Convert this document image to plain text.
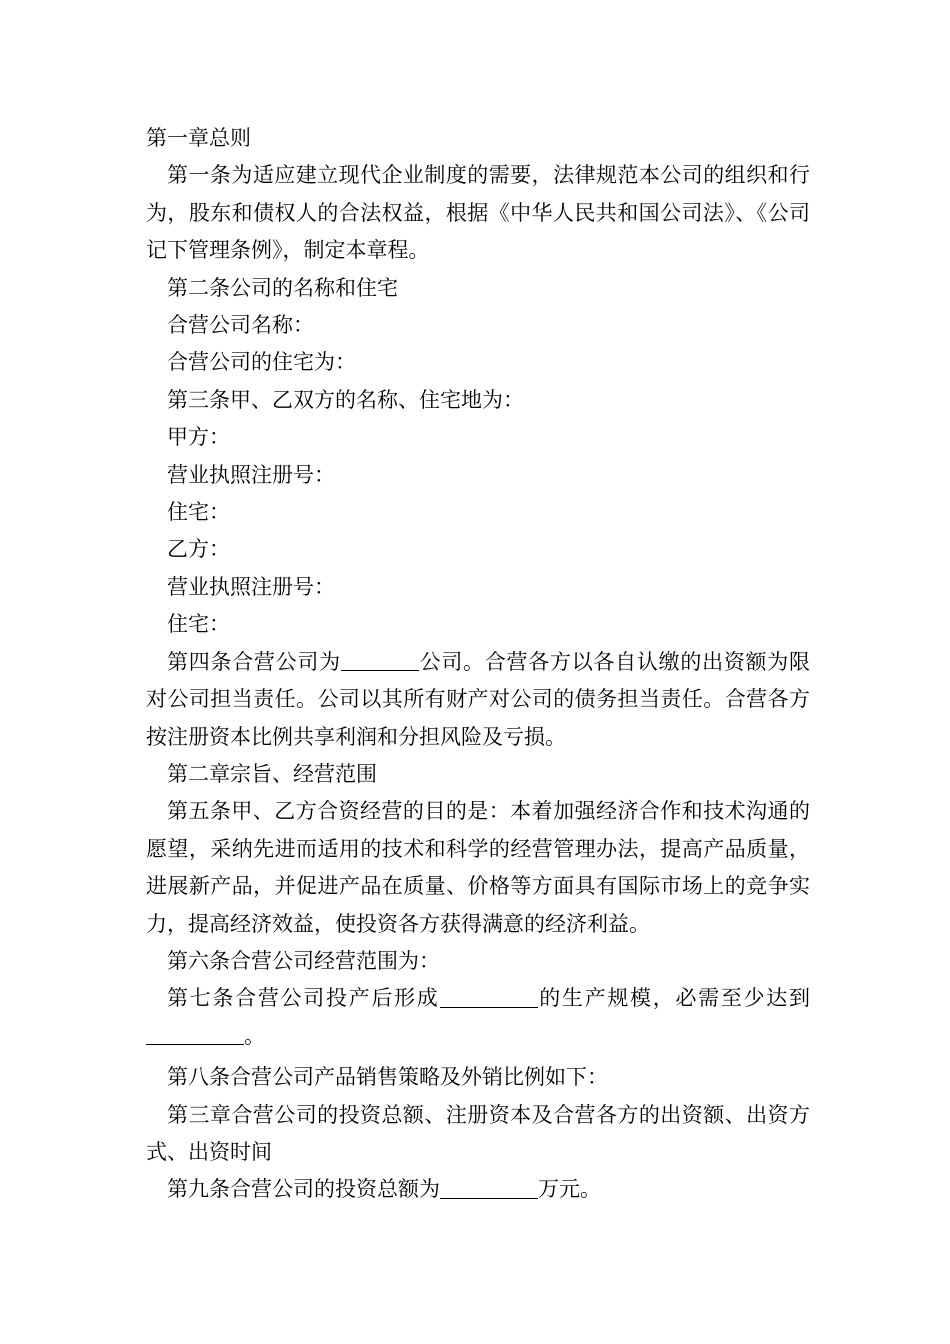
第一章总则

第一条为适应建立现代企业制度的需要，法律规范本公司的组织和行为，股东和债权人的合法权益，根据《中华人民共和国公司法》、《公司记下管理条例》，制定本章程。

第二条公司的名称和住宅

合营公司名称：

合营公司的住宅为：

第三条甲、乙双方的名称、住宅地为：

甲方：

营业执照注册号：

住宅：

乙方：

营业执照注册号：

住宅：

第四条合营公司为	公司。合营各方以各自认缴的出资额为限对公司担当责任。公司以其所有财产对公司的债务担当责任。合营各方按注册资本比例共享利润和分担风险及亏损。

第二章宗旨、经营范围

第五条甲、乙方合资经营的目的是：本着加强经济合作和技术沟通的愿望，采纳先进而适用的技术和科学的经营管理办法，提高产品质量，进展新产品，并促进产品在质量、价格等方面具有国际市场上的竞争实力，提高经济效益，使投资各方获得满意的经济利益。

第六条合营公司经营范围为：

第七条合营公司投产后形成	的生产规模，必需至少达到。

第八条合营公司产品销售策略及外销比例如下：

第三章合营公司的投资总额、注册资本及合营各方的出资额、出资方式、出资时间

第九条合营公司的投资总额为	万元。
